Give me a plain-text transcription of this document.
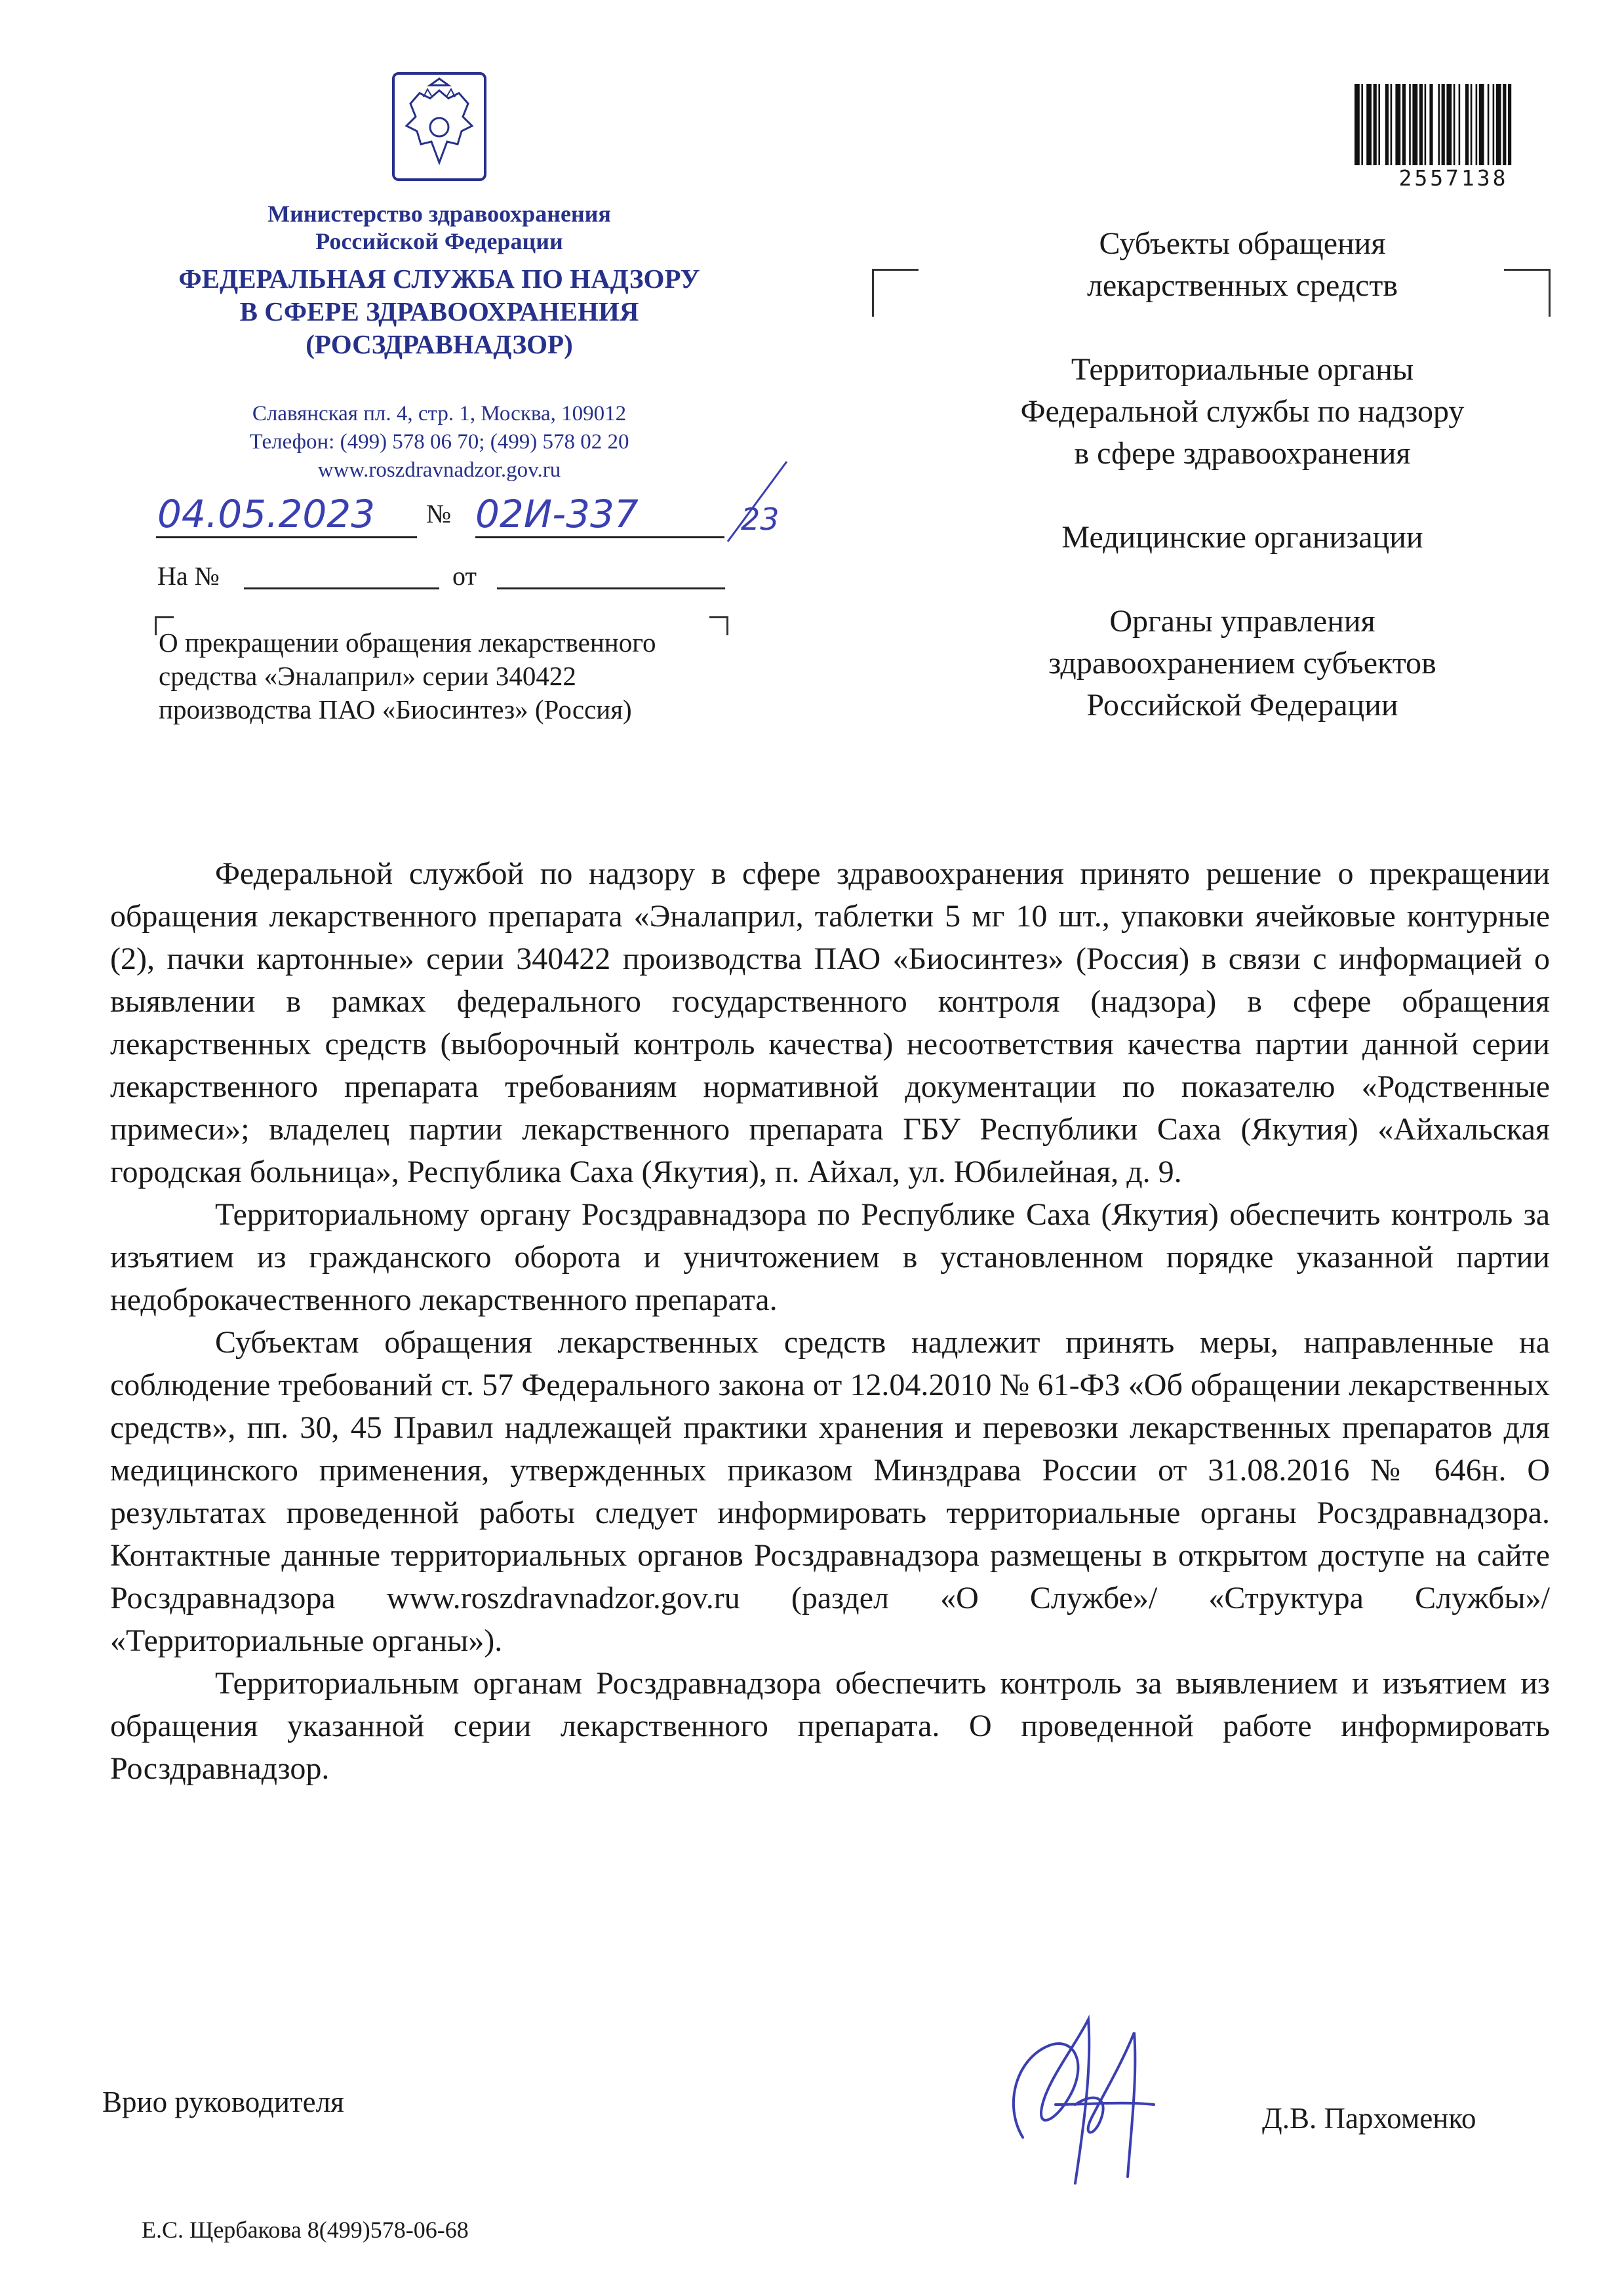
Министерство здравоохранения
Российской Федерации
ФЕДЕРАЛЬНАЯ СЛУЖБА ПО НАДЗОРУ
В СФЕРЕ ЗДРАВООХРАНЕНИЯ
(РОСЗДРАВНАДЗОР)
Славянская пл. 4, стр. 1, Москва, 109012
Телефон: (499) 578 06 70; (499) 578 02 20
www.roszdravnadzor.gov.ru
04.05.2023 № 02И-337	23
На №	от
О прекращении обращения лекарственного
средства «Эналаприл» серии 340422
производства ПАО «Биосинтез» (Россия)
2557138

Субъекты обращения
лекарственных средств

Территориальные органы
Федеральной службы по надзору
в сфере здравоохранения

Медицинские организации

Органы управления
здравоохранением субъектов
Российской Федерации

Федеральной службой по надзору в сфере здравоохранения принято решение о прекращении обращения лекарственного препарата «Эналаприл, таблетки 5 мг 10 шт., упаковки ячейковые контурные (2), пачки картонные» серии 340422 производства ПАО «Биосинтез» (Россия) в связи с информацией о выявлении в рамках федерального государственного контроля (надзора) в сфере обращения лекарственных средств (выборочный контроль качества) несоответствия качества партии данной серии лекарственного препарата требованиям нормативной документации по показателю «Родственные примеси»; владелец партии лекарственного препарата ГБУ Республики Саха (Якутия) «Айхальская городская больница», Республика Саха (Якутия), п. Айхал, ул. Юбилейная, д. 9.

Территориальному органу Росздравнадзора по Республике Саха (Якутия) обеспечить контроль за изъятием из гражданского оборота и уничтожением в установленном порядке указанной партии недоброкачественного лекарственного препарата.

Субъектам обращения лекарственных средств надлежит принять меры, направленные на соблюдение требований ст. 57 Федерального закона от 12.04.2010 № 61-ФЗ «Об обращении лекарственных средств», пп. 30, 45 Правил надлежащей практики хранения и перевозки лекарственных препаратов для медицинского применения, утвержденных приказом Минздрава России от 31.08.2016 № 646н. О результатах проведенной работы следует информировать территориальные органы Росздравнадзора. Контактные данные территориальных органов Росздравнадзора размещены в открытом доступе на сайте Росздравнадзора www.roszdravnadzor.gov.ru (раздел «О Службе»/ «Структура Службы»/ «Территориальные органы»).

Территориальным органам Росздравнадзора обеспечить контроль за выявлением и изъятием из обращения указанной серии лекарственного препарата. О проведенной работе информировать Росздравнадзор.

Врио руководителя	Д.В. Пархоменко
Е.С. Щербакова 8(499)578-06-68
